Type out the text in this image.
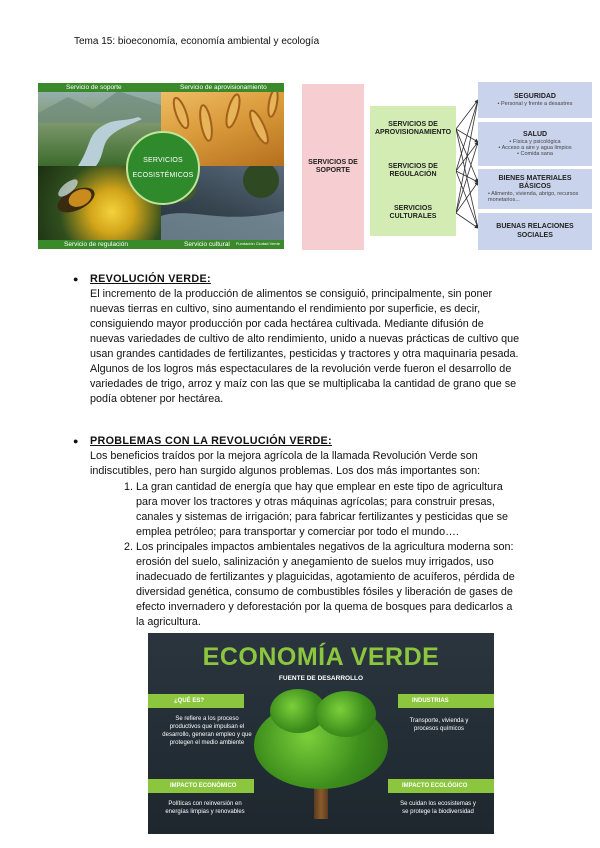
Tema 15: bioeconomía, economía ambiental y ecología
Servicio de soporte	Servicio de aprovisionamiento
Servicio de regulación	Servicio cultural Fundación Ciudad Verde
SERVICIOS
ECOSISTÉMICOS
SERVICIOS DE SOPORTE
SERVICIOS DE APROVISIONAMIENTO
SERVICIOS DE REGULACIÓN
SERVICIOS CULTURALES
SEGURIDAD
• Personal y frente a desastres
SALUD
• Física y psicológica
• Acceso a aire y agua limpios
• Comida sana
BIENES MATERIALES BÁSICOS
• Alimento, vivienda, abrigo, recursos monetarios...
BUENAS RELACIONES SOCIALES
● REVOLUCIÓN VERDE:
El incremento de la producción de alimentos se consiguió, principalmente, sin poner nuevas tierras en cultivo, sino aumentando el rendimiento por superficie, es decir, consiguiendo mayor producción por cada hectárea cultivada. Mediante difusión de nuevas variedades de cultivo de alto rendimiento, unido a nuevas prácticas de cultivo que usan grandes cantidades de fertilizantes, pesticidas y tractores y otra maquinaria pesada.
Algunos de los logros más espectaculares de la revolución verde fueron el desarrollo de variedades de trigo, arroz y maíz con las que se multiplicaba la cantidad de grano que se podía obtener por hectárea.
● PROBLEMAS CON LA REVOLUCIÓN VERDE:
Los beneficios traídos por la mejora agrícola de la llamada Revolución Verde son indiscutibles, pero han surgido algunos problemas. Los dos más importantes son:
1. La gran cantidad de energía que hay que emplear en este tipo de agricultura para mover los tractores y otras máquinas agrícolas; para construir presas, canales y sistemas de irrigación; para fabricar fertilizantes y pesticidas que se emplea petróleo; para transportar y comerciar por todo el mundo….
2. Los principales impactos ambientales negativos de la agricultura moderna son: erosión del suelo, salinización y anegamiento de suelos muy irrigados, uso inadecuado de fertilizantes y plaguicidas, agotamiento de acuíferos, pérdida de diversidad genética, consumo de combustibles fósiles y liberación de gases de efecto invernadero y deforestación por la quema de bosques para dedicarlos a la agricultura.
ECONOMÍA VERDE
FUENTE DE DESARROLLO
¿QUÉ ES?
Se refiere a los proceso productivos que impulsan el desarrollo, generan empleo y que protegen el medio ambiente
INDUSTRIAS
Transporte, vivienda y procesos químicos
IMPACTO ECONÓMICO
Políticas con reinversión en energías limpias y renovables
IMPACTO ECOLÓGICO
Se cuidan los ecosistemas y se protege la biodiversidad
